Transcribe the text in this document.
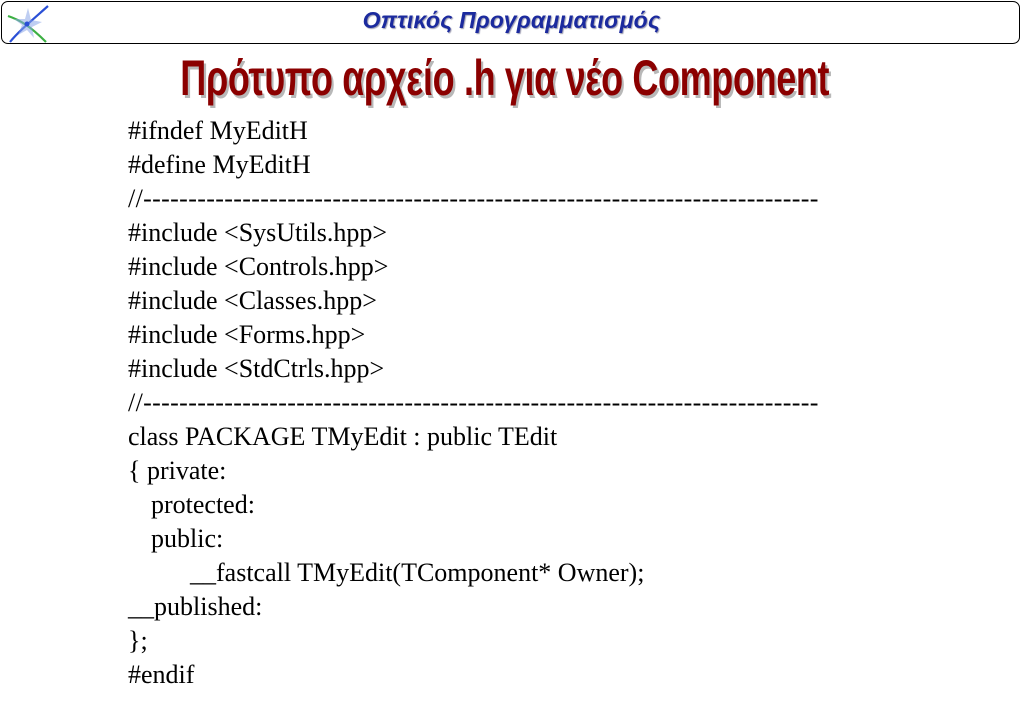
Οπτικός Προγραμματισμός
Πρότυπο αρχείο .h για νέο Component
#ifndef MyEditH
#define MyEditH
//---------------------------------------------------------------------------
#include <SysUtils.hpp>
#include <Controls.hpp>
#include <Classes.hpp>
#include <Forms.hpp>
#include <StdCtrls.hpp>
//---------------------------------------------------------------------------
class PACKAGE TMyEdit : public TEdit
{ private:
protected:
public:
__fastcall TMyEdit(TComponent* Owner);
__published:
};
#endif
